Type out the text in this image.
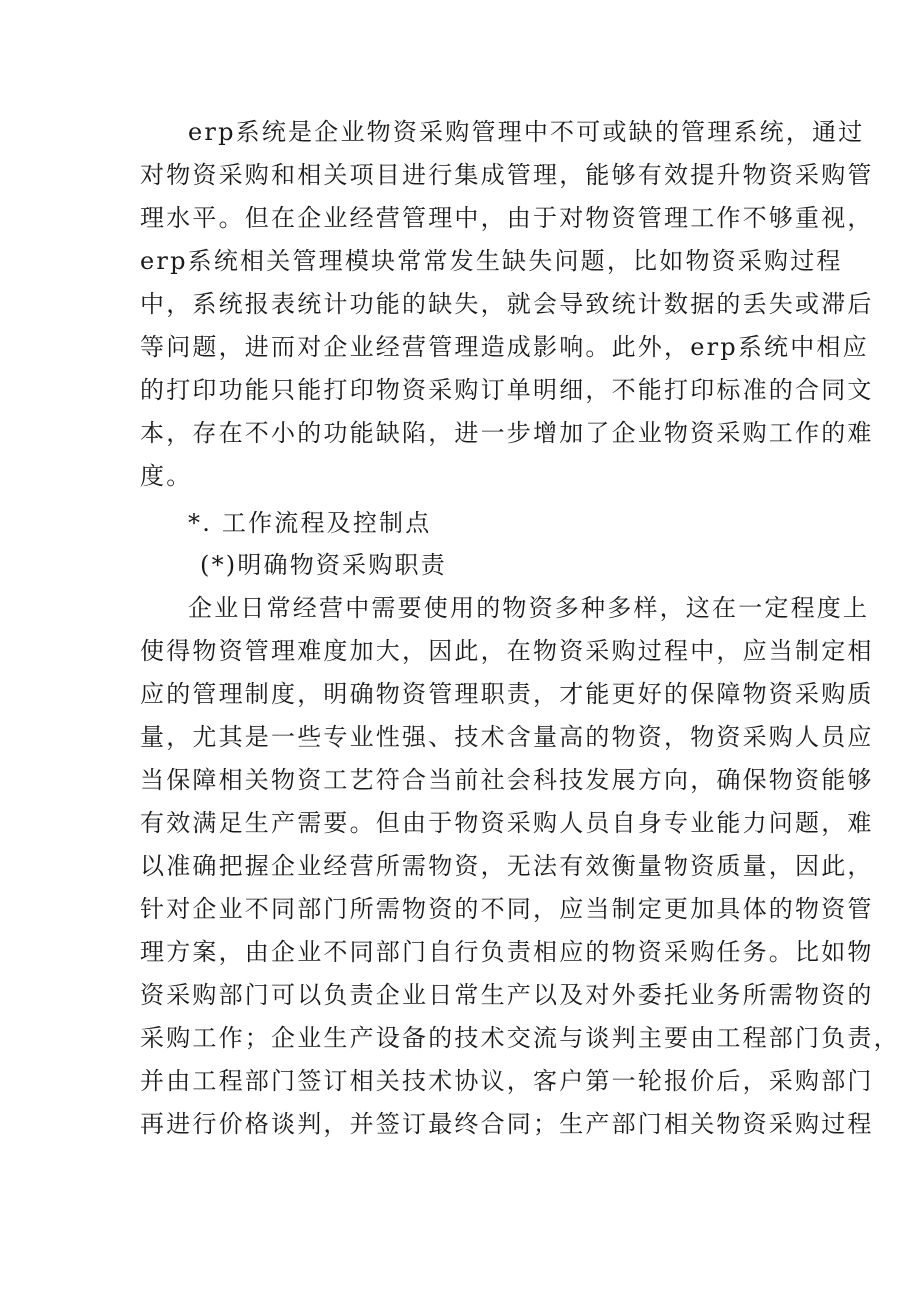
erp系统是企业物资采购管理中不可或缺的管理系统，通过
对物资采购和相关项目进行集成管理，能够有效提升物资采购管
理水平。但在企业经营管理中，由于对物资管理工作不够重视，
erp系统相关管理模块常常发生缺失问题，比如物资采购过程
中，系统报表统计功能的缺失，就会导致统计数据的丢失或滞后
等问题，进而对企业经营管理造成影响。此外，erp系统中相应
的打印功能只能打印物资采购订单明细，不能打印标准的合同文
本，存在不小的功能缺陷，进一步增加了企业物资采购工作的难
度。
*. 工作流程及控制点
(*)明确物资采购职责
企业日常经营中需要使用的物资多种多样，这在一定程度上
使得物资管理难度加大，因此，在物资采购过程中，应当制定相
应的管理制度，明确物资管理职责，才能更好的保障物资采购质
量，尤其是一些专业性强、技术含量高的物资，物资采购人员应
当保障相关物资工艺符合当前社会科技发展方向，确保物资能够
有效满足生产需要。但由于物资采购人员自身专业能力问题，难
以准确把握企业经营所需物资，无法有效衡量物资质量，因此，
针对企业不同部门所需物资的不同，应当制定更加具体的物资管
理方案，由企业不同部门自行负责相应的物资采购任务。比如物
资采购部门可以负责企业日常生产以及对外委托业务所需物资的
采购工作；企业生产设备的技术交流与谈判主要由工程部门负责，
并由工程部门签订相关技术协议，客户第一轮报价后，采购部门
再进行价格谈判，并签订最终合同；生产部门相关物资采购过程
